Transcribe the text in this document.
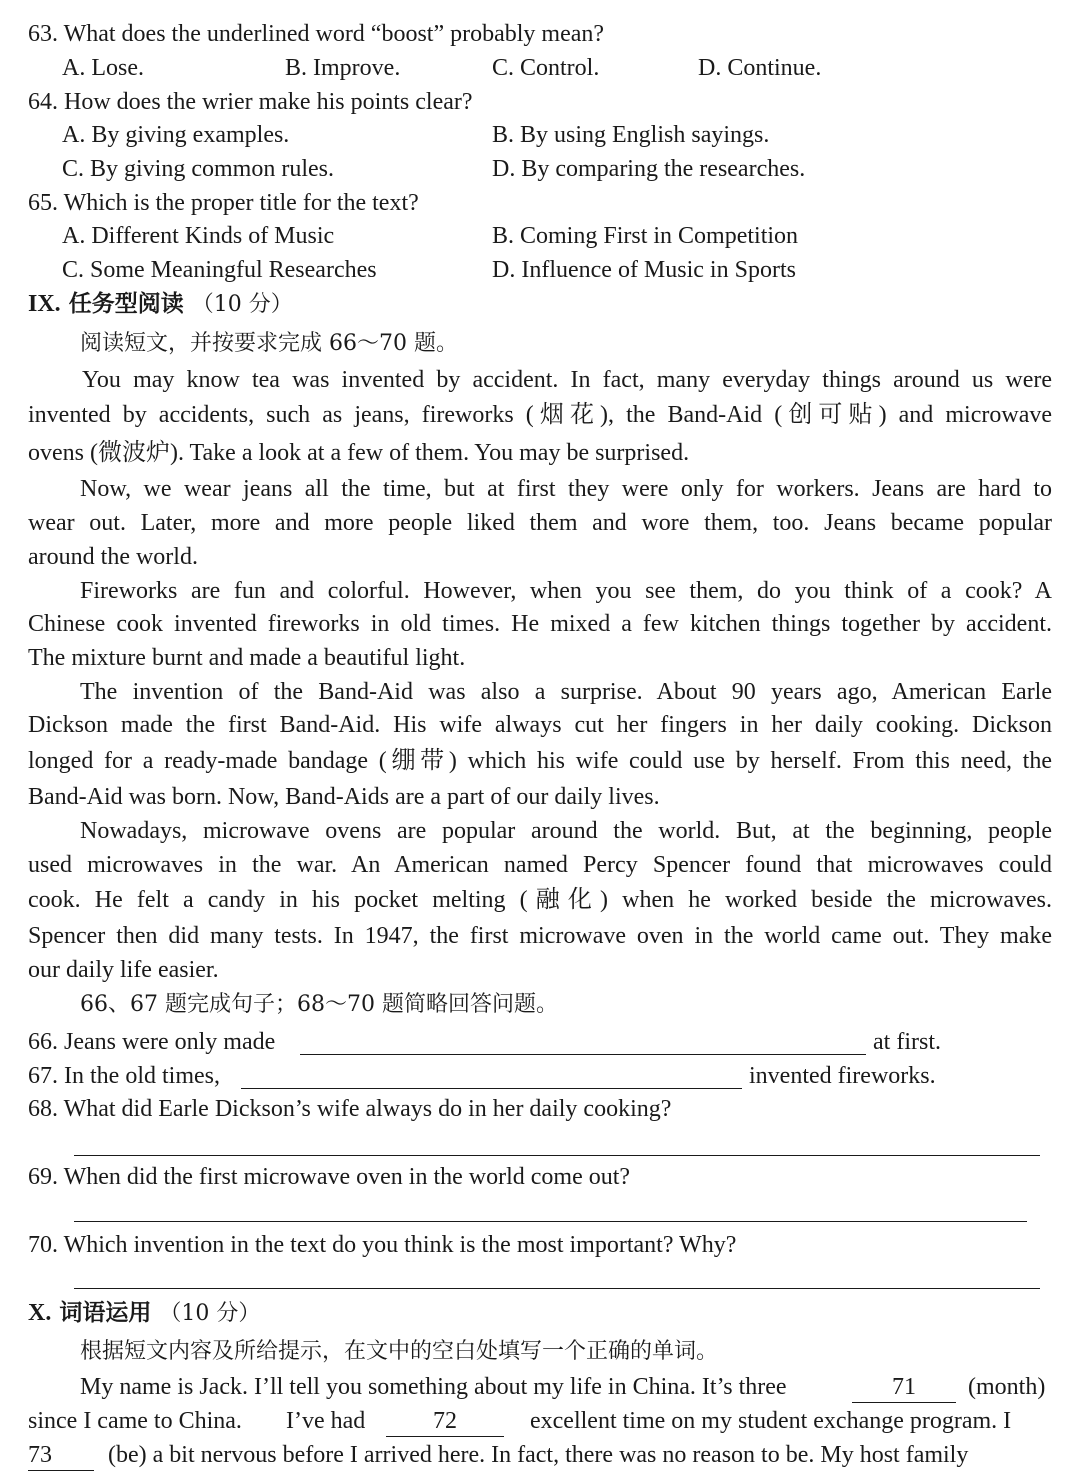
63. What does the underlined word “boost” probably mean?
A. Lose.	B. Improve.	C. Control.	D. Continue.
64. How does the wrier make his points clear?
A. By giving examples.	B. By using English sayings.
C. By giving common rules.	D. By comparing the researches.
65. Which is the proper title for the text?
A. Different Kinds of Music	B. Coming First in Competition
C. Some Meaningful Researches	D. Influence of Music in Sports
IX. 任务型阅读 （10 分）
阅读短文，并按要求完成 66～70 题。
You may know tea was invented by accident. In fact, many everyday things around us were
invented by accidents, such as jeans, fireworks (烟花), the Band-Aid (创可贴) and microwave
ovens (微波炉). Take a look at a few of them. You may be surprised.
Now, we wear jeans all the time, but at first they were only for workers. Jeans are hard to
wear out. Later, more and more people liked them and wore them, too. Jeans became popular
around the world.
Fireworks are fun and colorful. However, when you see them, do you think of a cook? A
Chinese cook invented fireworks in old times. He mixed a few kitchen things together by accident.
The mixture burnt and made a beautiful light.
The invention of the Band-Aid was also a surprise. About 90 years ago, American Earle
Dickson made the first Band-Aid. His wife always cut her fingers in her daily cooking. Dickson
longed for a ready-made bandage (绷带) which his wife could use by herself. From this need, the
Band-Aid was born. Now, Band-Aids are a part of our daily lives.
Nowadays, microwave ovens are popular around the world. But, at the beginning, people
used microwaves in the war. An American named Percy Spencer found that microwaves could
cook. He felt a candy in his pocket melting (融化) when he worked beside the microwaves.
Spencer then did many tests. In 1947, the first microwave oven in the world came out. They make
our daily life easier.
66、67 题完成句子；68～70 题简略回答问题。
66. Jeans were only made	at first.
67. In the old times,	invented fireworks.
68. What did Earle Dickson’s wife always do in her daily cooking?
69. When did the first microwave oven in the world come out?
70. Which invention in the text do you think is the most important? Why?
X. 词语运用 （10 分）
根据短文内容及所给提示，在文中的空白处填写一个正确的单词。
My name is Jack. I’ll tell you something about my life in China. It’s three	71	(month)
since I came to China. I’ve had	72	excellent time on my student exchange program. I
73	(be) a bit nervous before I arrived here. In fact, there was no reason to be. My host family
